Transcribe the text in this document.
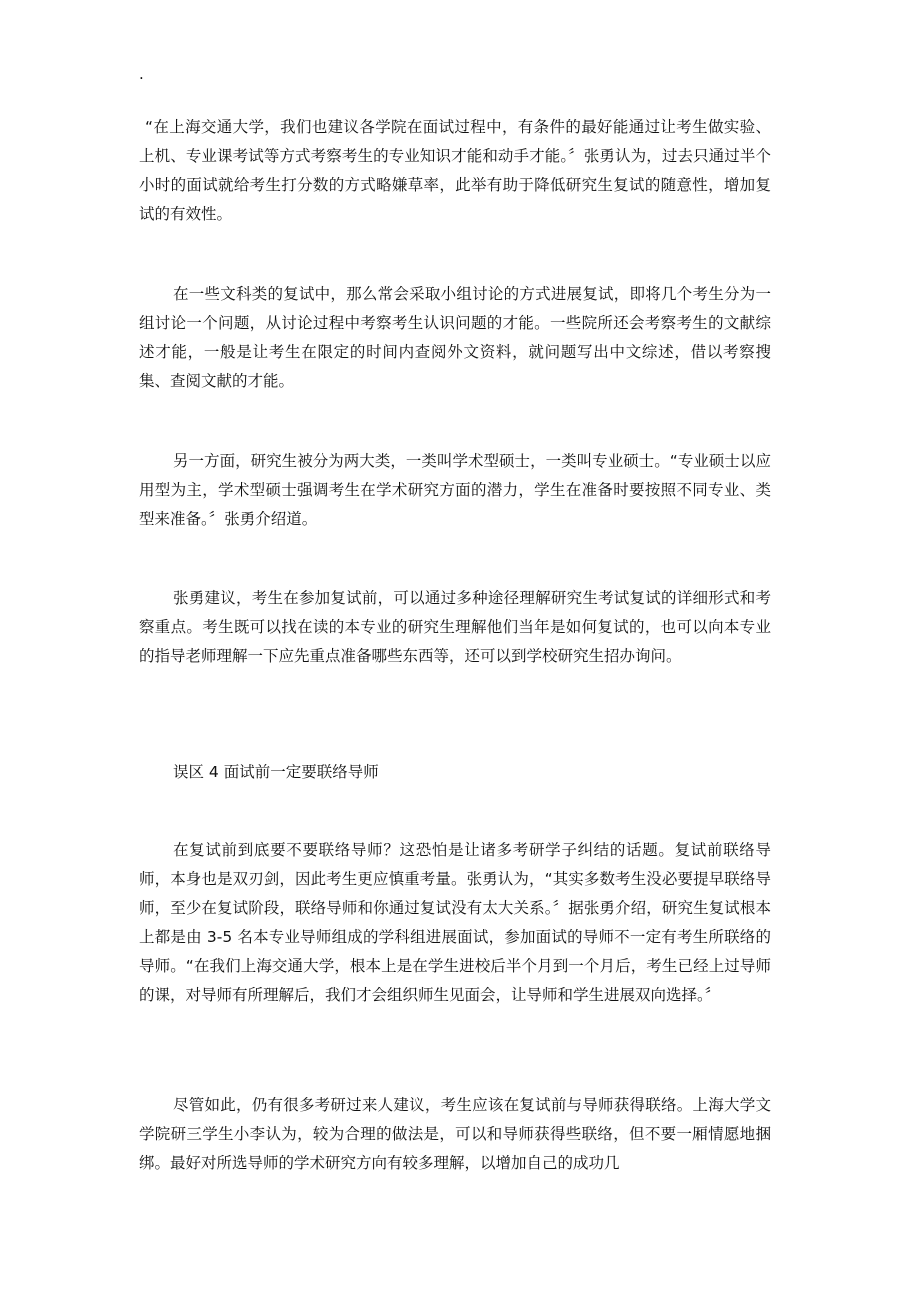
.

“在上海交通大学，我们也建议各学院在面试过程中，有条件的最好能通过让考生做实验、上机、专业课考试等方式考察考生的专业知识才能和动手才能。〞张勇认为，过去只通过半个小时的面试就给考生打分数的方式略嫌草率，此举有助于降低研究生复试的随意性，增加复试的有效性。

在一些文科类的复试中，那么常会采取小组讨论的方式进展复试，即将几个考生分为一组讨论一个问题，从讨论过程中考察考生认识问题的才能。一些院所还会考察考生的文献综述才能，一般是让考生在限定的时间内查阅外文资料，就问题写出中文综述，借以考察搜集、查阅文献的才能。

另一方面，研究生被分为两大类，一类叫学术型硕士，一类叫专业硕士。“专业硕士以应用型为主，学术型硕士强调考生在学术研究方面的潜力，学生在准备时要按照不同专业、类型来准备。〞张勇介绍道。

张勇建议，考生在参加复试前，可以通过多种途径理解研究生考试复试的详细形式和考察重点。考生既可以找在读的本专业的研究生理解他们当年是如何复试的，也可以向本专业的指导老师理解一下应先重点准备哪些东西等，还可以到学校研究生招办询问。

误区 4 面试前一定要联络导师

在复试前到底要不要联络导师？这恐怕是让诸多考研学子纠结的话题。复试前联络导师，本身也是双刃剑，因此考生更应慎重考量。张勇认为，“其实多数考生没必要提早联络导师，至少在复试阶段，联络导师和你通过复试没有太大关系。〞据张勇介绍，研究生复试根本上都是由 3-5 名本专业导师组成的学科组进展面试，参加面试的导师不一定有考生所联络的导师。“在我们上海交通大学，根本上是在学生进校后半个月到一个月后，考生已经上过导师的课，对导师有所理解后，我们才会组织师生见面会，让导师和学生进展双向选择。〞

尽管如此，仍有很多考研过来人建议，考生应该在复试前与导师获得联络。上海大学文学院研三学生小李认为，较为合理的做法是，可以和导师获得些联络，但不要一厢情愿地捆绑。最好对所选导师的学术研究方向有较多理解，以增加自己的成功几
